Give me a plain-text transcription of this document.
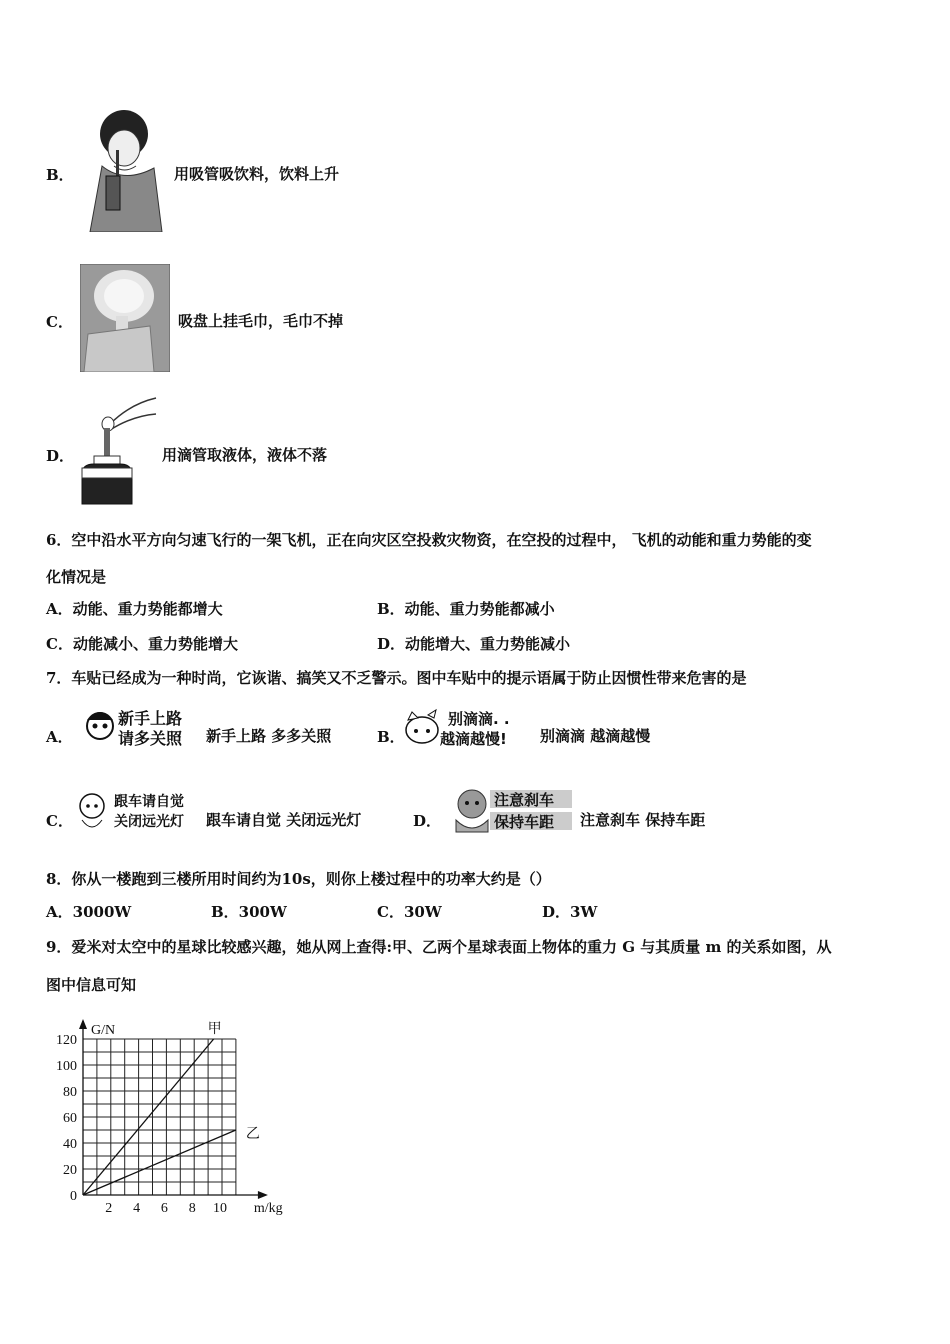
B．	用吸管吸饮料，饮料上升
C．	吸盘上挂毛巾，毛巾不掉
D．	用滴管取液体，液体不落
6．空中沿水平方向匀速飞行的一架飞机，正在向灾区空投救灾物资，在空投的过程中， 飞机的动能和重力势能的变
化情况是
A．动能、重力势能都增大	B．动能、重力势能都减小
C．动能减小、重力势能增大	D．动能增大、重力势能减小
7．车贴已经成为一种时尚，它诙谐、搞笑又不乏警示。图中车贴中的提示语属于防止因惯性带来危害的是
A．
新手上路
请多关照 新手上路 多多关照	B．
别滴滴. .
越滴越慢! 别滴滴 越滴越慢
C．
跟车请自觉
关闭远光灯 跟车请自觉 关闭远光灯	D．
注意刹车
保持车距 注意刹车 保持车距
8．你从一楼跑到三楼所用时间约为10s，则你上楼过程中的功率大约是（）
A．3000W	B．300W	C．30W	D．3W
9．爱米对太空中的星球比较感兴趣，她从网上查得:甲、乙两个星球表面上物体的重力 G 与其质量 m 的关系如图，从
图中信息可知
G/N
m/kg
0
20
40
60
80
100
120
2 4 6 8 10
甲
乙
